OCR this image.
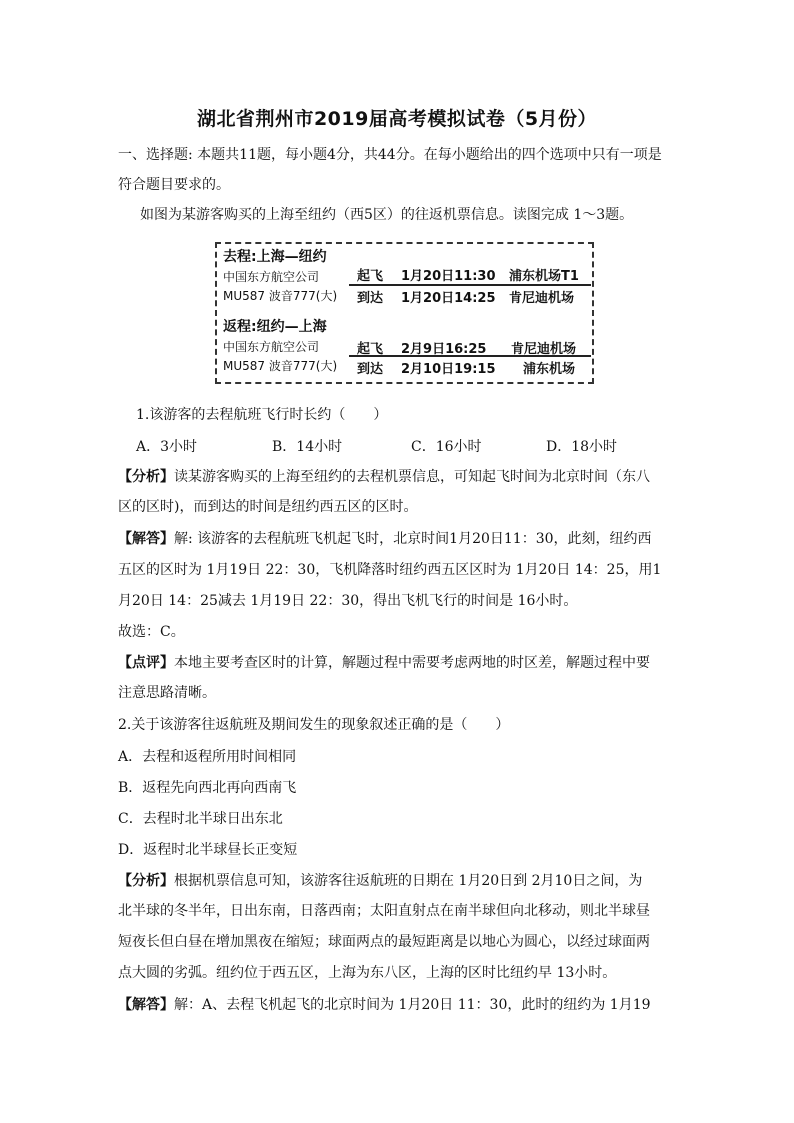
湖北省荆州市2019届高考模拟试卷（5月份）

一、选择题: 本题共11题，每小题4分，共44分。在每小题给出的四个选项中只有一项是

符合题目要求的。

如图为某游客购买的上海至纽约（西5区）的往返机票信息。读图完成 1～3题。

去程:上海—纽约
中国东方航空公司
MU587 波音777(大)
起飞 1月20日11:30 浦东机场T1
到达 1月20日14:25 肯尼迪机场
返程:纽约—上海
中国东方航空公司
MU587 波音777(大)
起飞 2月9日16:25 肯尼迪机场
到达 2月10日19:15 浦东机场

1.该游客的去程航班飞行时长约（　　）

A．3小时	B．14小时	C．16小时	D．18小时

【分析】读某游客购买的上海至纽约的去程机票信息，可知起飞时间为北京时间（东八

区的区时)，而到达的时间是纽约西五区的区时。

【解答】解: 该游客的去程航班飞机起飞时，北京时间1月20日11：30，此刻，纽约西

五区的区时为 1月19日 22：30，飞机降落时纽约西五区区时为 1月20日 14：25，用1

月20日 14：25减去 1月19日 22：30，得出飞机飞行的时间是 16小时。

故选：C。

【点评】本地主要考查区时的计算，解题过程中需要考虑两地的时区差，解题过程中要

注意思路清晰。

2.关于该游客往返航班及期间发生的现象叙述正确的是（　　）

A．去程和返程所用时间相同

B．返程先向西北再向西南飞

C．去程时北半球日出东北

D．返程时北半球昼长正变短

【分析】根据机票信息可知，该游客往返航班的日期在 1月20日到 2月10日之间，为

北半球的冬半年，日出东南，日落西南；太阳直射点在南半球但向北移动，则北半球昼

短夜长但白昼在增加黑夜在缩短；球面两点的最短距离是以地心为圆心，以经过球面两

点大圆的劣弧。纽约位于西五区，上海为东八区，上海的区时比纽约早 13小时。

【解答】解：A、去程飞机起飞的北京时间为 1月20日 11：30，此时的纽约为 1月19
